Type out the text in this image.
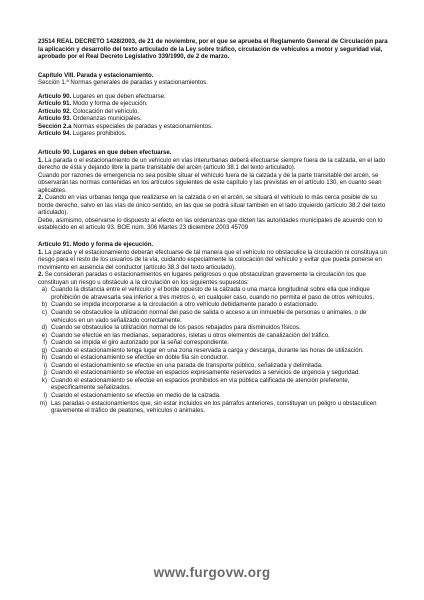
23514 REAL DECRETO 1428/2003, de 21 de noviembre, por el que se aprueba el Reglamento General de Circulación para la aplicación y desarrollo del texto articulado de la Ley sobre tráfico, circulación de vehículos a motor y seguridad vial, aprobado por el Real Decreto Legislativo 339/1990, de 2 de marzo.

Capítulo VIII. Parada y estacionamiento.

Sección 1.ª Normas generales de paradas y estacionamientos.

Artículo 90. Lugares en que deben efectuarse.

Artículo 91. Modo y forma de ejecución.

Artículo 92. Colocación del vehículo.

Artículo 93. Ordenanzas municipales.

Sección 2.a Normas especiales de paradas y estacionamientos.

Artículo 94. Lugares prohibidos.

Artículo 90. Lugares en que deben efectuarse.

1. La parada o el estacionamiento de un vehículo en vías interurbanas deberá efectuarse siempre fuera de la calzada, en el lado derecho de ésta y dejando libre la parte transitable del arcén (artículo 38.1 del texto articulado).

Cuando por razones de emergencia no sea posible situar el vehículo fuera de la calzada y de la parte transitable del arcén, se observarán las normas contenidas en los artículos siguientes de este capítulo y las previstas en el artículo 130, en cuanto sean aplicables.

2. Cuando en vías urbanas tenga que realizarse en la calzada o en el arcén, se situará el vehículo lo más cerca posible de su borde derecho, salvo en las vías de único sentido, en las que se podrá situar también en el lado izquierdo (artículo 38.2 del texto articulado).

Debe, asimismo, observarse lo dispuesto al efecto en las ordenanzas que dicten las autoridades municipales de acuerdo con lo establecido en el artículo 93. BOE núm. 306 Martes 23 diciembre 2003 45709

Artículo 91. Modo y forma de ejecución.

1. La parada y el estacionamiento deberán efectuarse de tal manera que el vehículo no obstaculice la circulación ni constituya un riesgo para el resto de los usuarios de la vía, cuidando especialmente la colocación del vehículo y evitar que pueda ponerse en movimiento en ausencia del conductor (artículo 38.3 del texto articulado).

2. Se consideran paradas o estacionamientos en lugares peligrosos o que obstaculizan gravemente la circulación los que constituyan un riesgo u obstáculo a la circulación en los siguientes supuestos:

a) Cuando la distancia entre el vehículo y el borde opuesto de la calzada o una marca longitudinal sobre ella que indique prohibición de atravesarla sea inferior a tres metros o, en cualquier caso, cuando no permita el paso de otros vehículos.
b) Cuando se impida incorporarse a la circulación a otro vehículo debidamente parado o estacionado.
c) Cuando se obstaculice la utilización normal del paso de salida o acceso a un inmueble de personas o animales, o de vehículos en un vado señalizado correctamente.
d) Cuando se obstaculice la utilización normal de los pasos rebajados para disminuidos físicos.
e) Cuando se efectúe en las medianas, separadores, isletas u otros elementos de canalización del tráfico.
f) Cuando se impida el giro autorizado por la señal correspondiente.
g) Cuando el estacionamiento tenga lugar en una zona reservada a carga y descarga, durante las horas de utilización.
h) Cuando el estacionamiento se efectúe en doble fila sin conductor.
i) Cuando el estacionamiento se efectúe en una parada de transporte público, señalizada y delimitada.
j) Cuando el estacionamiento se efectúe en espacios expresamente reservados a servicios de urgencia y seguridad.
k) Cuando el estacionamiento se efectúe en espacios prohibidos en vía pública calificada de atención preferente, específicamente señalizados.
l) Cuando el estacionamiento se efectúe en medio de la calzada.
m) Las paradas o estacionamientos que, sin estar incluidos en los párrafos anteriores, constituyan un peligro u obstaculicen gravemente el tráfico de peatones, vehículos o animales.
www.furgovw.org
